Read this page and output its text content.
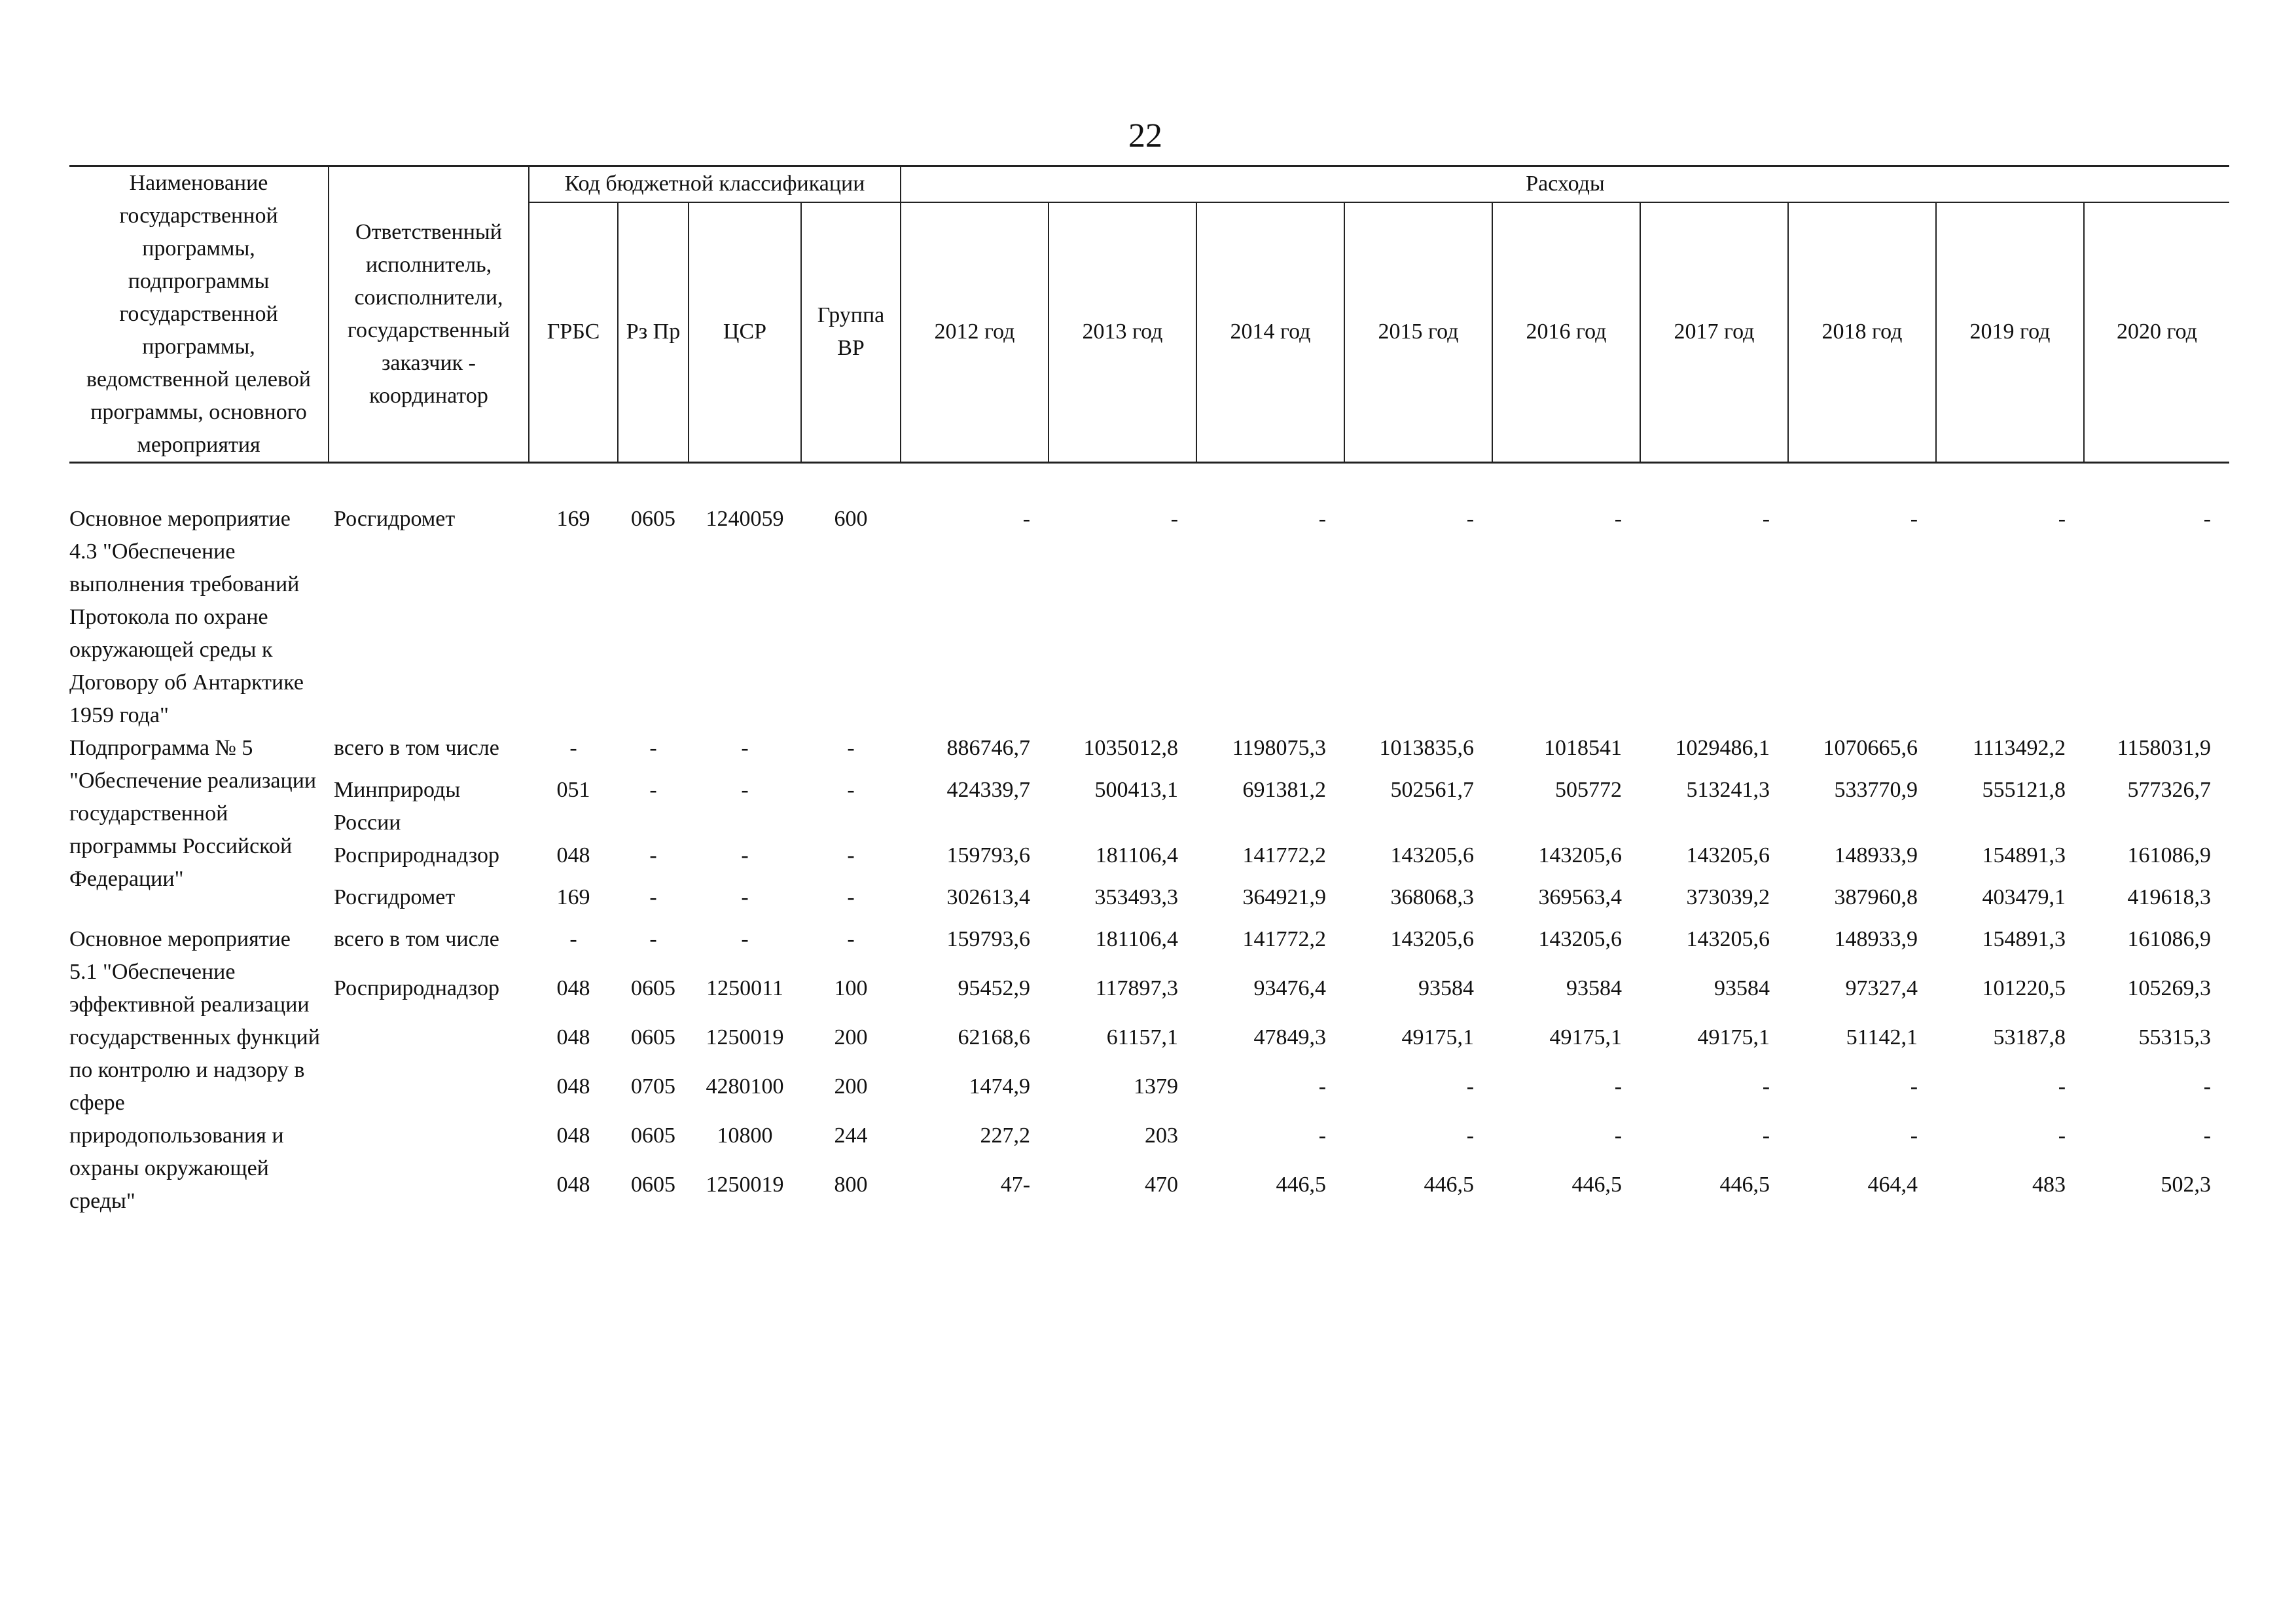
22
Наименование государственной программы, подпрограммы государственной программы, ведомственной целевой программы, основного мероприятия	Ответственный исполнитель, соисполнители, государственный заказчик - координатор	Код бюджетной классификации				Расходы								
		ГРБС	Рз Пр	ЦСР	Группа ВР	2012 год	2013 год	2014 год	2015 год	2016 год	2017 год	2018 год	2019 год	2020 год

Основное мероприятие 4.3 "Обеспечение выполнения требований Протокола по охране окружающей среды к Договору об Антарктике 1959 года"	Росгидромет	169	0605	1240059	600	-	-	-	-	-	-	-	-	-
Подпрограмма № 5 "Обеспечение реализации государственной программы Российской Федерации"	всего в том числе	-	-	-	-	886746,7	1035012,8	1198075,3	1013835,6	1018541	1029486,1	1070665,6	1113492,2	1158031,9
	Минприроды России	051	-	-	-	424339,7	500413,1	691381,2	502561,7	505772	513241,3	533770,9	555121,8	577326,7
	Росприроднадзор	048	-	-	-	159793,6	181106,4	141772,2	143205,6	143205,6	143205,6	148933,9	154891,3	161086,9
	Росгидромет	169	-	-	-	302613,4	353493,3	364921,9	368068,3	369563,4	373039,2	387960,8	403479,1	419618,3
Основное мероприятие 5.1 "Обеспечение эффективной реализации государственных функций по контролю и надзору в сфере природопользования и охраны окружающей среды"	всего в том числе	-	-	-	-	159793,6	181106,4	141772,2	143205,6	143205,6	143205,6	148933,9	154891,3	161086,9
	Росприроднадзор	048	0605	1250011	100	95452,9	117897,3	93476,4	93584	93584	93584	97327,4	101220,5	105269,3
		048	0605	1250019	200	62168,6	61157,1	47849,3	49175,1	49175,1	49175,1	51142,1	53187,8	55315,3
		048	0705	4280100	200	1474,9	1379	-	-	-	-	-	-	-
		048	0605	10800	244	227,2	203	-	-	-	-	-	-	-
		048	0605	1250019	800	47-	470	446,5	446,5	446,5	446,5	464,4	483	502,3
